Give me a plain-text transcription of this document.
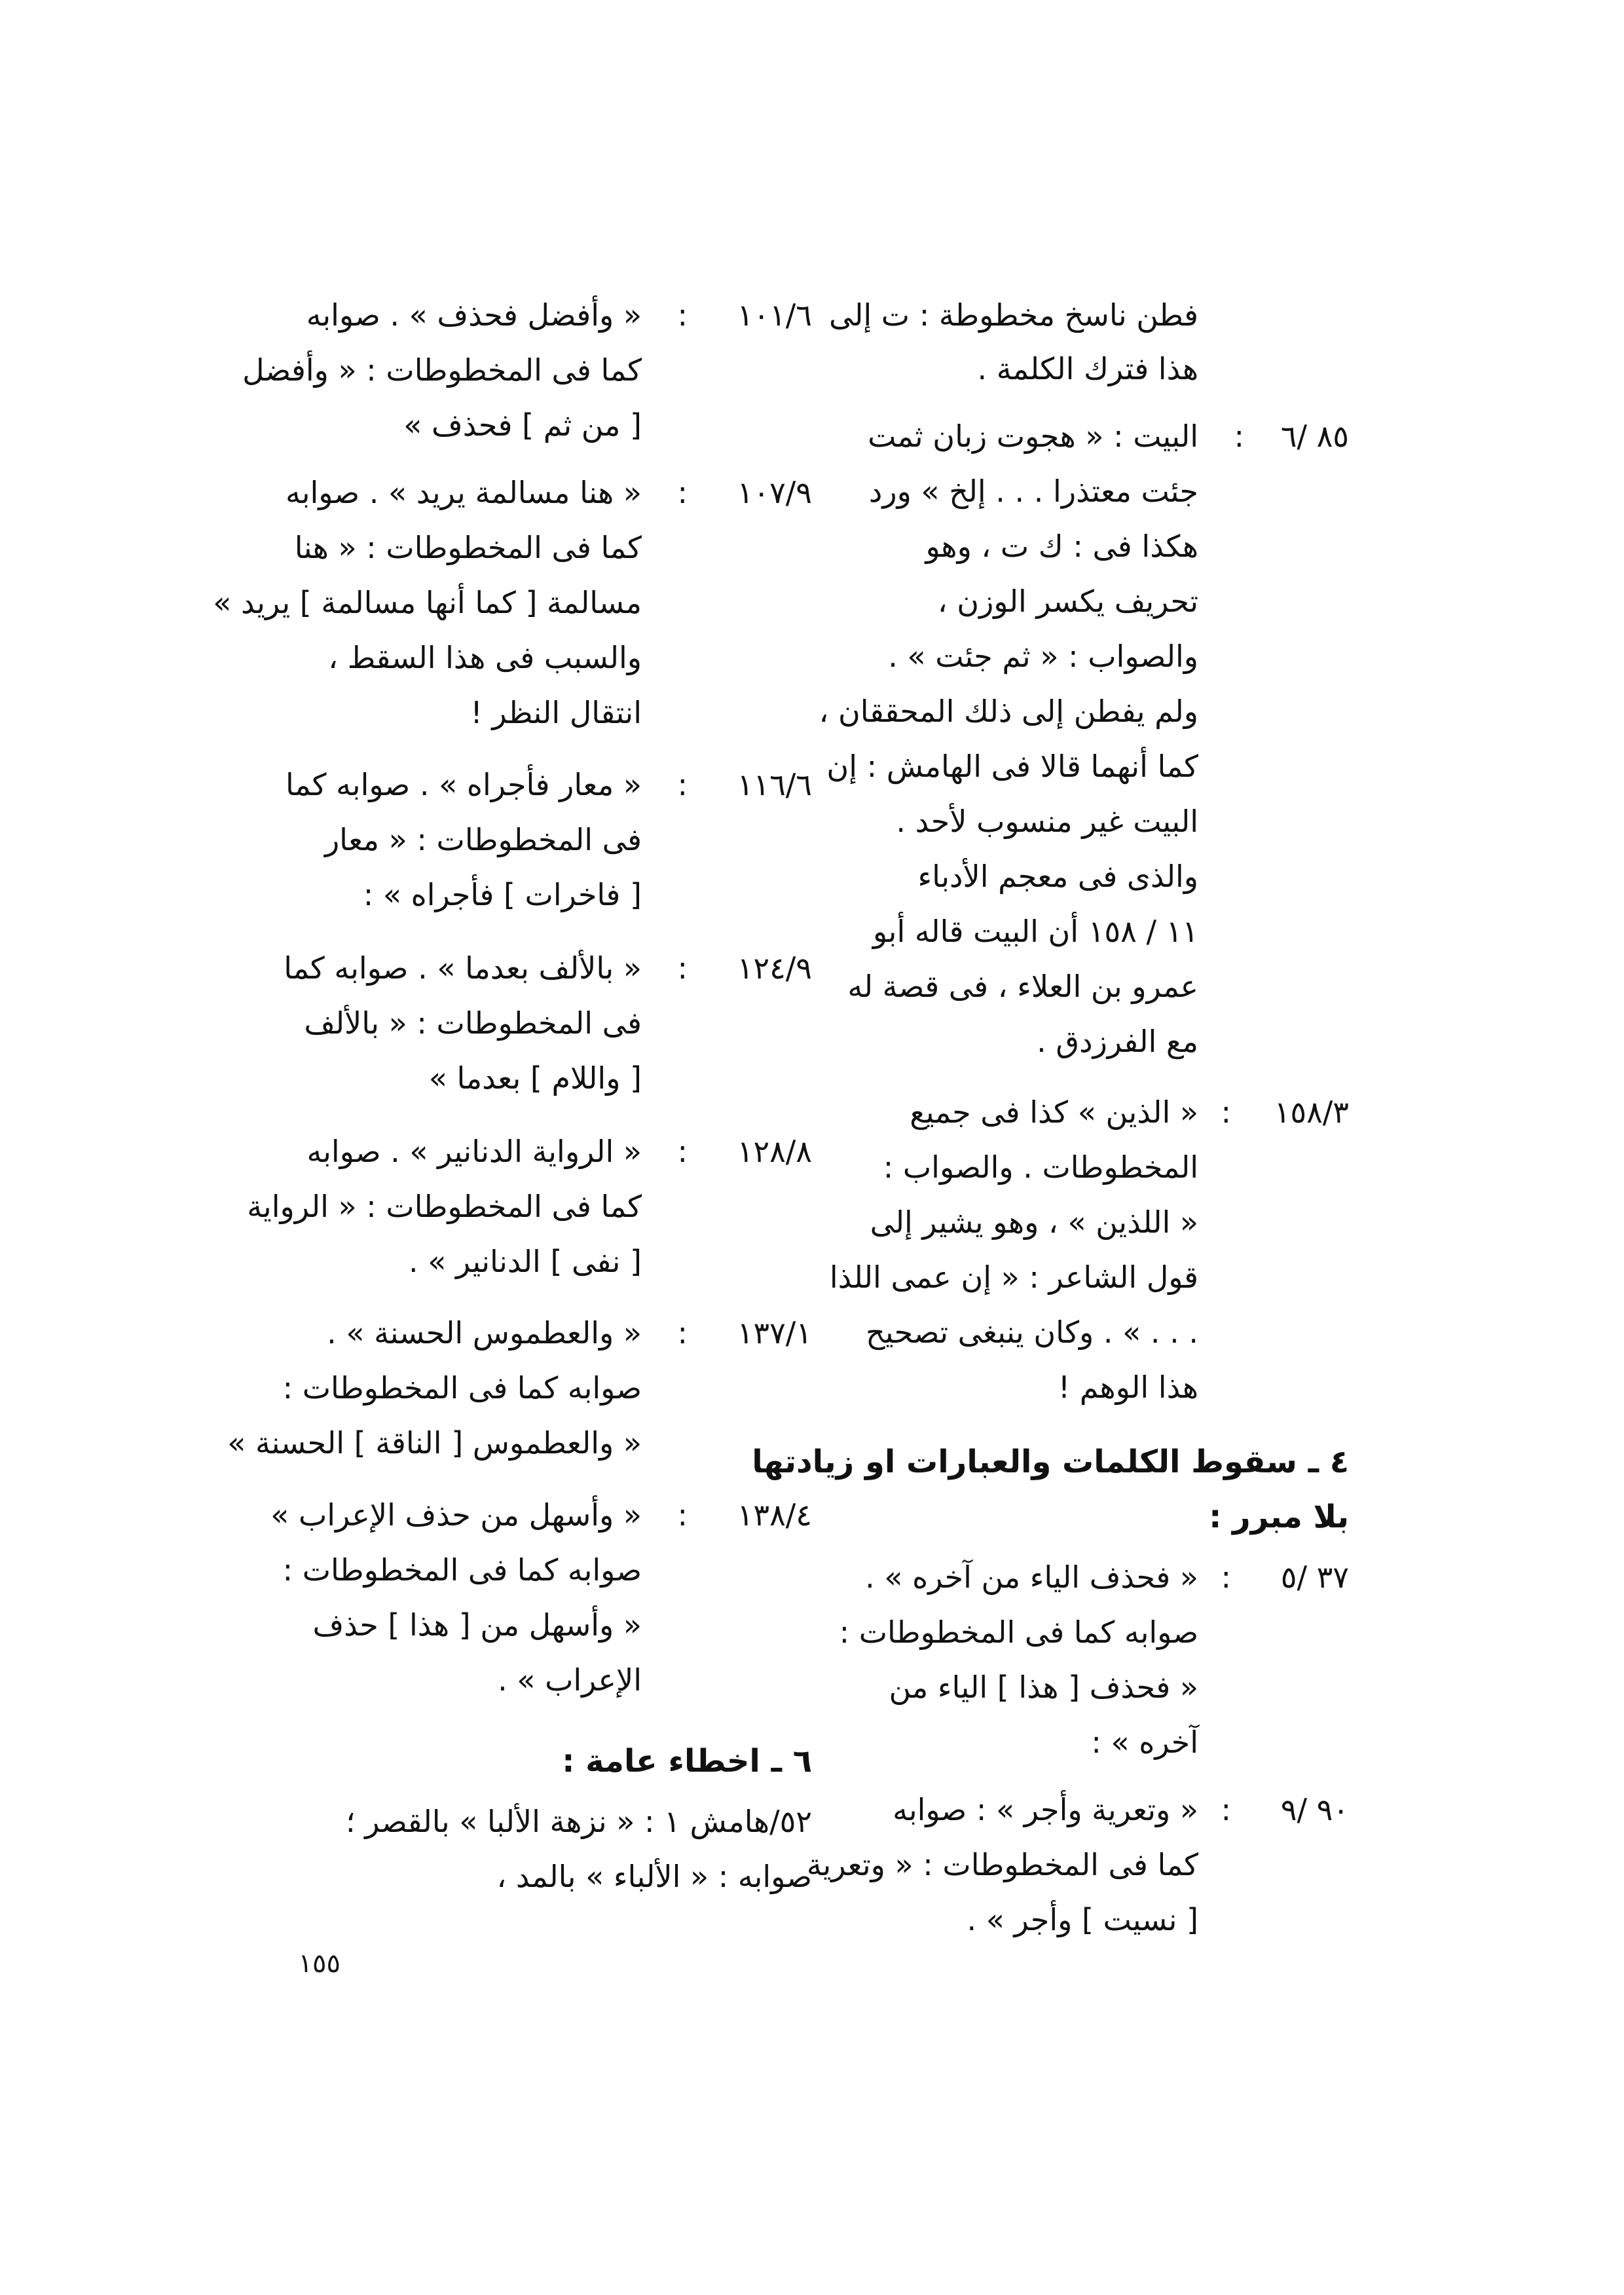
فطن ناسخ مخطوطة : ت إلى
هذا فترك الكلمة .
٨٥ /٦
:
البيت : « هجوت زبان ثمت
جئت معتذرا . . . إلخ » ورد
هكذا فى : ك ت ، وهو
تحريف يكسر الوزن ،
والصواب : « ثم جئت » .
ولم يفطن إلى ذلك المحققان ،
كما أنهما قالا فى الهامش : إن
البيت غير منسوب لأحد .
والذى فى معجم الأدباء
١١ / ١٥٨ أن البيت قاله أبو
عمرو بن العلاء ، فى قصة له
مع الفرزدق .
١٥٨/٣
:
« الذين » كذا فى جميع
المخطوطات . والصواب :
« اللذين » ، وهو يشير إلى
قول الشاعر : « إن عمى اللذا
. . . » . وكان ينبغى تصحيح
هذا الوهم !
٤ ـ سقوط الكلمات والعبارات او زيادتها
بلا مبرر :
٣٧ /٥
:
« فحذف الياء من آخره » .
صوابه كما فى المخطوطات :
« فحذف [ هذا ] الياء من
آخره » :
٩٠ /٩
:
« وتعرية وأجر » : صوابه
كما فى المخطوطات : « وتعرية
[ نسيت ] وأجر » .
١٠١/٦
:
« وأفضل فحذف » . صوابه
كما فى المخطوطات : « وأفضل
[ من ثم ] فحذف »
١٠٧/٩
:
« هنا مسالمة يريد » . صوابه
كما فى المخطوطات : « هنا
مسالمة [ كما أنها مسالمة ] يريد »
والسبب فى هذا السقط ،
انتقال النظر !
١١٦/٦
:
« معار فأجراه » . صوابه كما
فى المخطوطات : « معار
[ فاخرات ] فأجراه » :
١٢٤/٩
:
« بالألف بعدما » . صوابه كما
فى المخطوطات : « بالألف
[ واللام ] بعدما »
١٢٨/٨
:
« الرواية الدنانير » . صوابه
كما فى المخطوطات : « الرواية
[ نفى ] الدنانير » .
١٣٧/١
:
« والعطموس الحسنة » .
صوابه كما فى المخطوطات :
« والعطموس [ الناقة ] الحسنة »
١٣٨/٤
:
« وأسهل من حذف الإعراب »
صوابه كما فى المخطوطات :
« وأسهل من [ هذا ] حذف
الإعراب » .
٦ ـ اخطاء عامة :
٥٢/هامش ١ : « نزهة الألبا » بالقصر ؛
صوابه : « الألباء » بالمد ،
١٥٥
